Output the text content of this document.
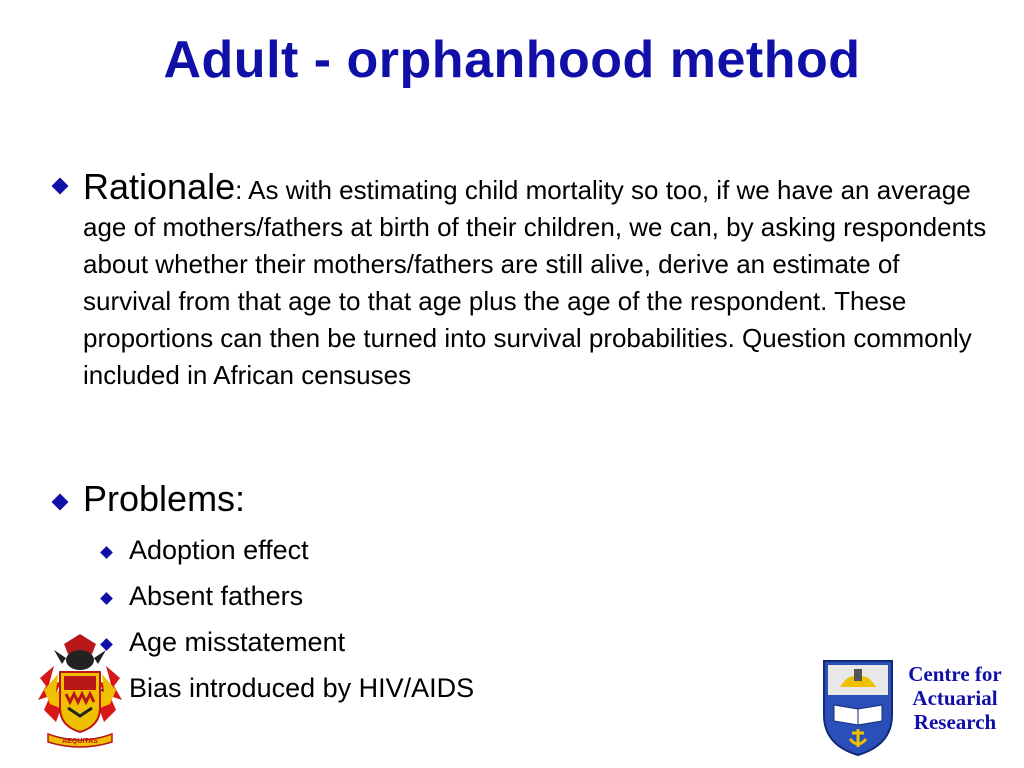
Adult - orphanhood method

Rationale: As with estimating child mortality so too, if we have an average age of mothers/fathers at birth of their children, we can, by asking respondents about whether their mothers/fathers are still alive, derive an estimate of survival from that age to that age plus the age of the respondent. These proportions can then be turned into survival probabilities. Question commonly included in African censuses

Problems:
Adoption effect
Absent fathers
Age misstatement
Bias introduced by HIV/AIDS
AEQUITAS
Centre for
Actuarial
Research
